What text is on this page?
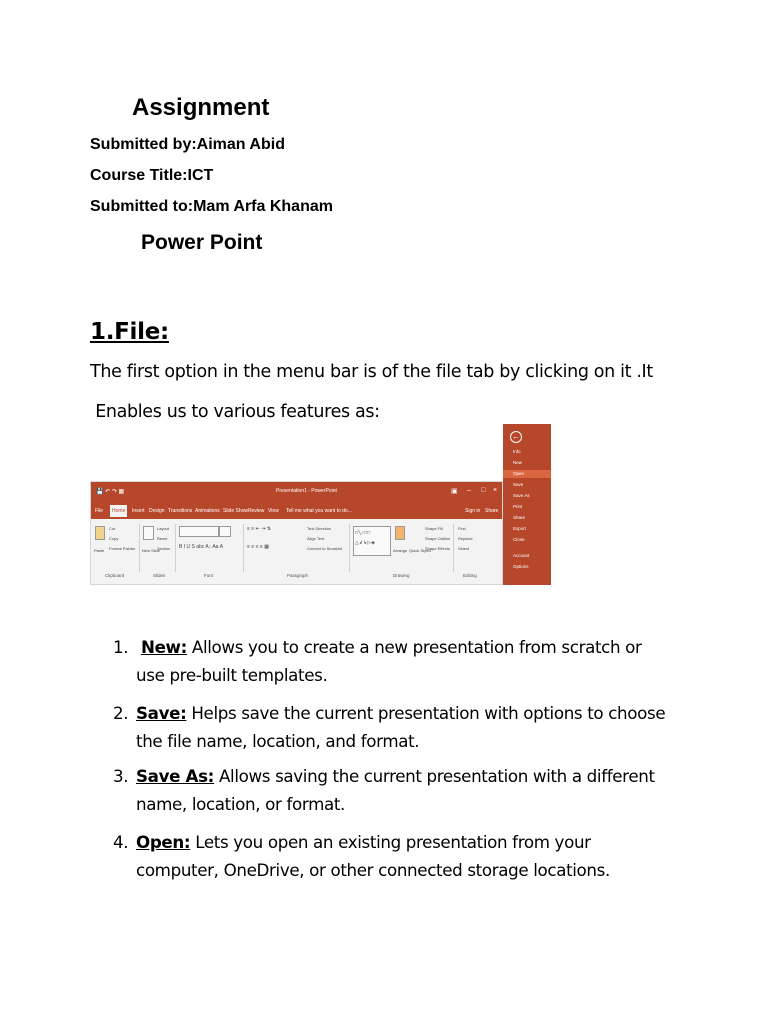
Assignment
Submitted by:Aiman Abid
Course Title:ICT
Submitted to:Mam Arfa Khanam
Power Point
1.File:
The first option in the menu bar is of the file tab by clicking on it .It
Enables us to various features as:
💾 ↶ ↷ ▦	Presentation1 - PowerPoint	▣ – □ ×
File	Home	Insert Design Transitions Animations Slide Show Review View	Tell me what you want to do...	Sign in Share
Paste
Cut
Copy
Format Painter
Clipboard
New Slide
Layout
Reset
Section
Slides
B I U S abc A↓ Aa A
Font
≡ ≡ ⇤ ⇥ ⇅
≡ ≡ ≡ ≡ ▦
Text Direction
Align Text
Convert to SmartArt
Paragraph
□╲○□□
△↲↳▷◈
Arrange Quick Styles
Shape Fill
Shape Outline
Shape Effects
Drawing
Find
Replace
Select
Editing
←
Info
New
Open
Save
Save As
Print
Share
Export
Close
Account
Options
1. New: Allows you to create a new presentation from scratch or
use pre-built templates.
2. Save: Helps save the current presentation with options to choose
the file name, location, and format.
3. Save As: Allows saving the current presentation with a different
name, location, or format.
4. Open: Lets you open an existing presentation from your
computer, OneDrive, or other connected storage locations.
